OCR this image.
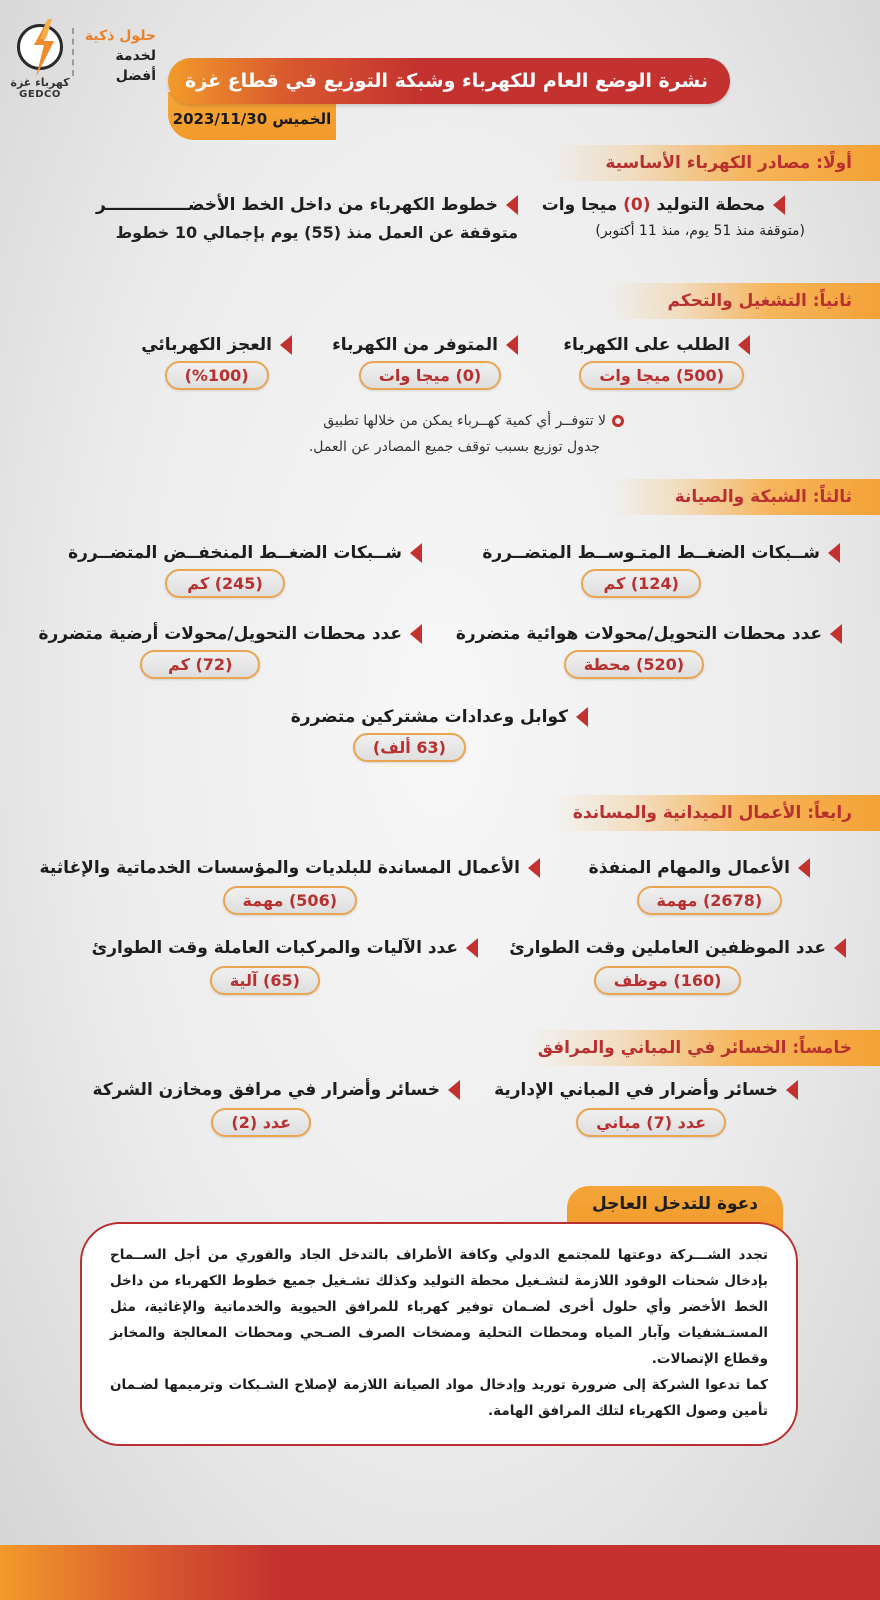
كهرباء غزة
GEDCO
حلول ذكية
لخدمة أفضل
الخميس 2023/11/30
نشرة الوضع العام للكهرباء وشبكة التوزيع في قطاع غزة
أولًا: مصادر الكهرباء الأساسية
محطة التوليد (0) ميجا وات
(متوقفة منذ 51 يوم، منذ 11 أكتوبر)
خطوط الكهرباء من داخل الخط الأخضــــــــــــــر
متوقفة عن العمل منذ (55) يوم بإجمالي 10 خطوط
ثانياً: التشغيل والتحكم
الطلب على الكهرباء
(500) ميجا وات
المتوفر من الكهرباء
(0) ميجا وات
العجز الكهربائي
(%100)
لا تتوفــر أي كمية كهــرباء يمكن من خلالها تطبيق
جدول توزيع بسبب توقف جميع المصادر عن العمل.
ثالثاً: الشبكة والصيانة
شــبكات الضغــط المتـوســط المتضــررة
(124) كم
شــبكات الضغــط المنخفــض المتضــررة
(245) كم
عدد محطات التحويل/محولات هوائية متضررة
(520) محطة
عدد محطات التحويل/محولات أرضية متضررة
(72) كم
كوابل وعدادات مشتركين متضررة
(63 ألف)
رابعاً: الأعمال الميدانية والمساندة
الأعمال والمهام المنفذة
(2678) مهمة
الأعمال المساندة للبلديات والمؤسسات الخدماتية والإغاثية
(506) مهمة
عدد الموظفين العاملين وقت الطوارئ
(160) موظف
عدد الآليات والمركبات العاملة وقت الطوارئ
(65) آلية
خامساً: الخسائر في المباني والمرافق
خسائر وأضرار في المباني الإدارية
عدد (7) مباني
خسائر وأضرار في مرافق ومخازن الشركة
عدد (2)
دعوة للتدخل العاجل

تجدد الشـــركة دوعتها للمجتمع الدولي وكافة الأطراف بالتدخل الجاد والفوري من أجل الســماح بإدخال شحنات الوقود اللازمة لتشـغيل محطة التوليد وكذلك تشـغيل جميع خطوط الكهرباء من داخل الخط الأخضر وأي حلول أخرى لضـمان توفير كهرباء للمرافق الحيوية والخدماتية والإغاثية، مثل المستـشفيات وآبار المياه ومحطات التحلية ومضخات الصرف الصـحي ومحطات المعالجة والمخابز وقطاع الإتصالات.

كما تدعوا الشركة إلى ضرورة توريد وإدخال مواد الصيانة اللازمة لإصلاح الشـبكات وترميمها لضـمان تأمين وصول الكهرباء لتلك المرافق الهامة.
